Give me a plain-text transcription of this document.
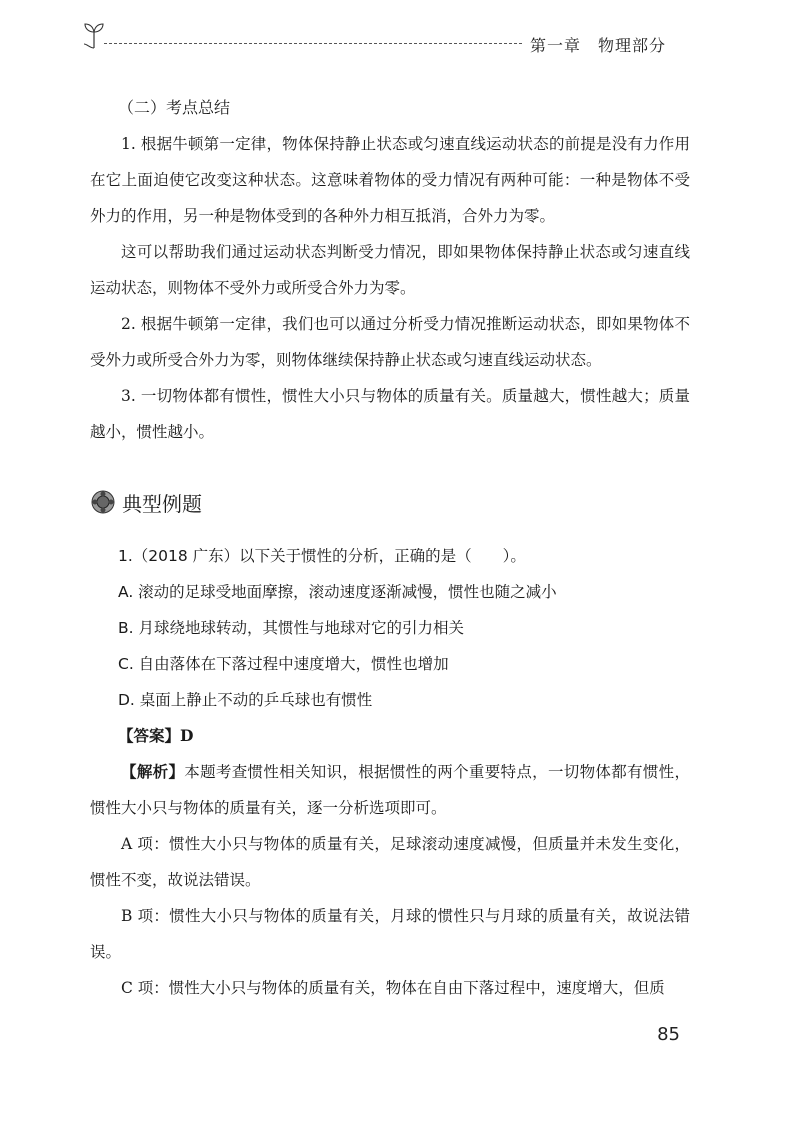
第一章　物理部分

（二）考点总结

1. 根据牛顿第一定律，物体保持静止状态或匀速直线运动状态的前提是没有力作用在它上面迫使它改变这种状态。这意味着物体的受力情况有两种可能：一种是物体不受外力的作用，另一种是物体受到的各种外力相互抵消，合外力为零。

这可以帮助我们通过运动状态判断受力情况，即如果物体保持静止状态或匀速直线运动状态，则物体不受外力或所受合外力为零。

2. 根据牛顿第一定律，我们也可以通过分析受力情况推断运动状态，即如果物体不受外力或所受合外力为零，则物体继续保持静止状态或匀速直线运动状态。

3. 一切物体都有惯性，惯性大小只与物体的质量有关。质量越大，惯性越大；质量越小，惯性越小。

典型例题

1.（2018 广东）以下关于惯性的分析，正确的是（　　）。

A. 滚动的足球受地面摩擦，滚动速度逐渐减慢，惯性也随之减小

B. 月球绕地球转动，其惯性与地球对它的引力相关

C. 自由落体在下落过程中速度增大，惯性也增加

D. 桌面上静止不动的乒乓球也有惯性

【答案】D

【解析】本题考查惯性相关知识，根据惯性的两个重要特点，一切物体都有惯性，惯性大小只与物体的质量有关，逐一分析选项即可。

A 项：惯性大小只与物体的质量有关，足球滚动速度减慢，但质量并未发生变化，惯性不变，故说法错误。

B 项：惯性大小只与物体的质量有关，月球的惯性只与月球的质量有关，故说法错误。

C 项：惯性大小只与物体的质量有关，物体在自由下落过程中，速度增大，但质

85
